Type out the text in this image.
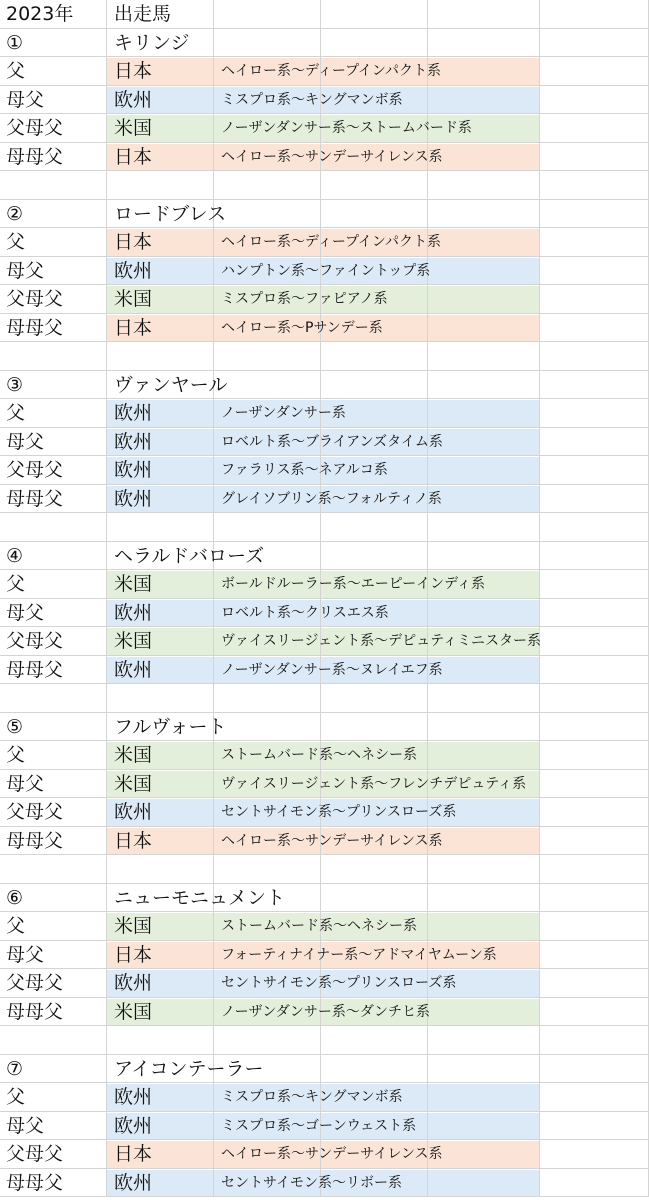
2023年 出走馬
①	キリンジ
父	日本	ヘイロー系～ディープインパクト系
母父	欧州	ミスプロ系～キングマンボ系
父母父	米国	ノーザンダンサー系～ストームバード系
母母父	日本	ヘイロー系～サンデーサイレンス系
②	ロードブレス
父	日本	ヘイロー系～ディープインパクト系
母父	欧州	ハンプトン系～ファイントップ系
父母父	米国	ミスプロ系～ファピアノ系
母母父	日本	ヘイロー系～Pサンデー系
③	ヴァンヤール
父	欧州	ノーザンダンサー系
母父	欧州	ロベルト系～ブライアンズタイム系
父母父	欧州	ファラリス系～ネアルコ系
母母父	欧州	グレイソブリン系～フォルティノ系
④	ヘラルドバローズ
父	米国	ボールドルーラー系～エーピーインディ系
母父	欧州	ロベルト系～クリスエス系
父母父	米国	ヴァイスリージェント系～デピュティミニスター系
母母父	欧州	ノーザンダンサー系～ヌレイエフ系
⑤	フルヴォート
父	米国	ストームバード系～ヘネシー系
母父	米国	ヴァイスリージェント系～フレンチデピュティ系
父母父	欧州	セントサイモン系～プリンスローズ系
母母父	日本	ヘイロー系～サンデーサイレンス系
⑥	ニューモニュメント
父	米国	ストームバード系～ヘネシー系
母父	日本	フォーティナイナー系～アドマイヤムーン系
父母父	欧州	セントサイモン系～プリンスローズ系
母母父	米国	ノーザンダンサー系～ダンチヒ系
⑦	アイコンテーラー
父	欧州	ミスプロ系～キングマンボ系
母父	欧州	ミスプロ系～ゴーンウェスト系
父母父	日本	ヘイロー系～サンデーサイレンス系
母母父	欧州	セントサイモン系～リボー系
